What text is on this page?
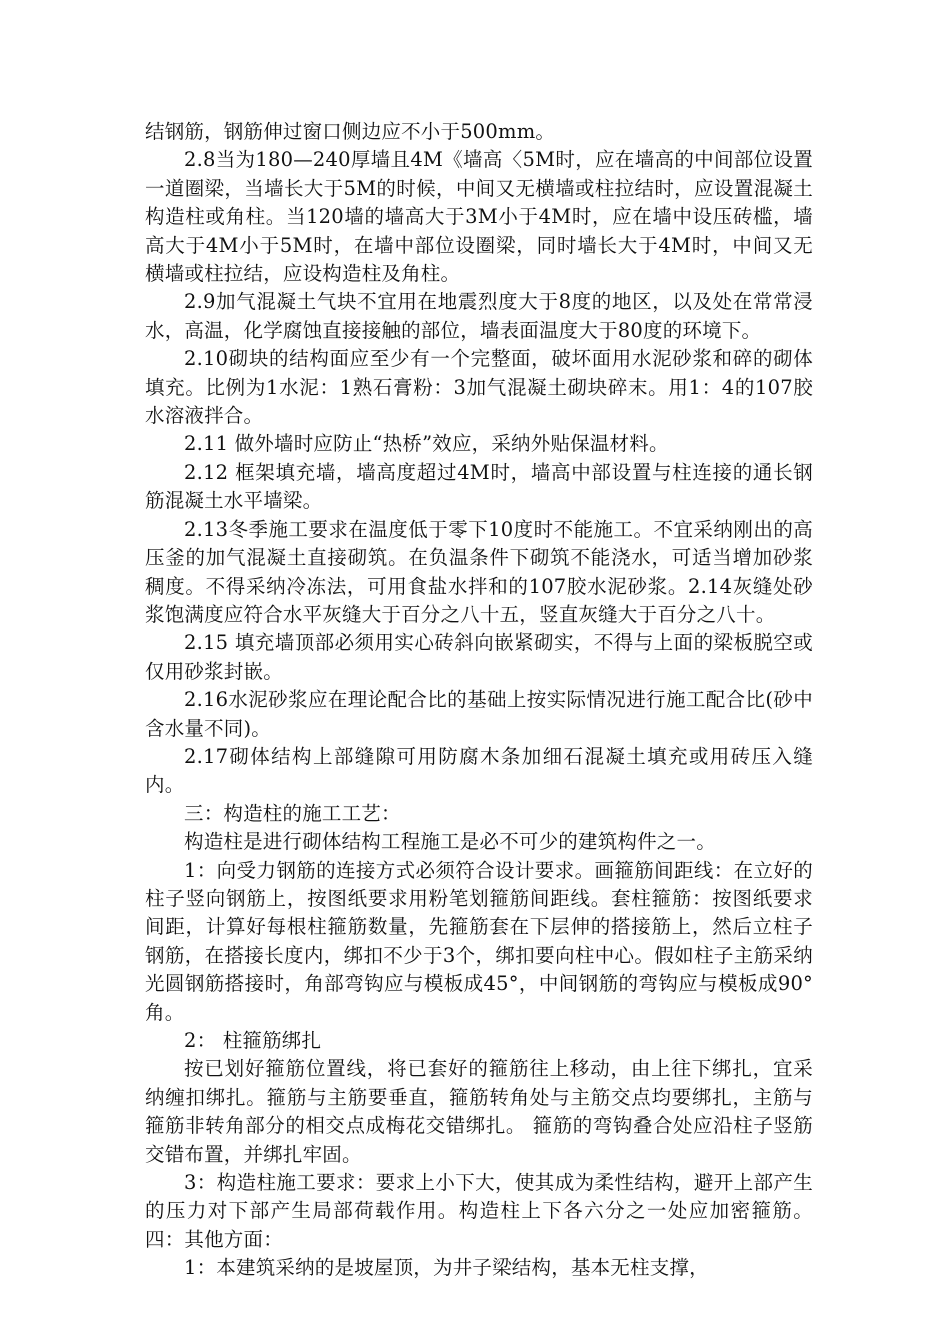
结钢筋，钢筋伸过窗口侧边应不小于500mm。

2.8当为180—240厚墙且4M《墙高〈5M时，应在墙高的中间部位设置一道圈梁，当墙长大于5M的时候，中间又无横墙或柱拉结时，应设置混凝土构造柱或角柱。当120墙的墙高大于3M小于4M时，应在墙中设压砖槛，墙高大于4M小于5M时，在墙中部位设圈梁，同时墙长大于4M时，中间又无横墙或柱拉结，应设构造柱及角柱。

2.9加气混凝土气块不宜用在地震烈度大于8度的地区，以及处在常常浸水，高温，化学腐蚀直接接触的部位，墙表面温度大于80度的环境下。

2.10砌块的结构面应至少有一个完整面，破坏面用水泥砂浆和碎的砌体填充。比例为1水泥：1熟石膏粉：3加气混凝土砌块碎末。用1：4的107胶水溶液拌合。

2.11 做外墙时应防止“热桥”效应，采纳外贴保温材料。

2.12 框架填充墙，墙高度超过4M时，墙高中部设置与柱连接的通长钢筋混凝土水平墙梁。

2.13冬季施工要求在温度低于零下10度时不能施工。不宜采纳刚出的高压釜的加气混凝土直接砌筑。在负温条件下砌筑不能浇水，可适当增加砂浆稠度。不得采纳冷冻法，可用食盐水拌和的107胶水泥砂浆。2.14灰缝处砂浆饱满度应符合水平灰缝大于百分之八十五，竖直灰缝大于百分之八十。

2.15 填充墙顶部必须用实心砖斜向嵌紧砌实，不得与上面的梁板脱空或仅用砂浆封嵌。

2.16水泥砂浆应在理论配合比的基础上按实际情况进行施工配合比(砂中含水量不同)。

2.17砌体结构上部缝隙可用防腐木条加细石混凝土填充或用砖压入缝内。

三：构造柱的施工工艺：

构造柱是进行砌体结构工程施工是必不可少的建筑构件之一。

1：向受力钢筋的连接方式必须符合设计要求。画箍筋间距线：在立好的柱子竖向钢筋上，按图纸要求用粉笔划箍筋间距线。套柱箍筋：按图纸要求间距，计算好每根柱箍筋数量，先箍筋套在下层伸的搭接筋上，然后立柱子钢筋，在搭接长度内，绑扣不少于3个，绑扣要向柱中心。假如柱子主筋采纳光圆钢筋搭接时，角部弯钩应与模板成45°，中间钢筋的弯钩应与模板成90°角。

2： 柱箍筋绑扎

按已划好箍筋位置线，将已套好的箍筋往上移动，由上往下绑扎，宜采纳缠扣绑扎。箍筋与主筋要垂直，箍筋转角处与主筋交点均要绑扎，主筋与箍筋非转角部分的相交点成梅花交错绑扎。 箍筋的弯钩叠合处应沿柱子竖筋交错布置，并绑扎牢固。

3：构造柱施工要求：要求上小下大，使其成为柔性结构，避开上部产生的压力对下部产生局部荷载作用。构造柱上下各六分之一处应加密箍筋。四：其他方面：

1：本建筑采纳的是坡屋顶，为井子梁结构，基本无柱支撑，
